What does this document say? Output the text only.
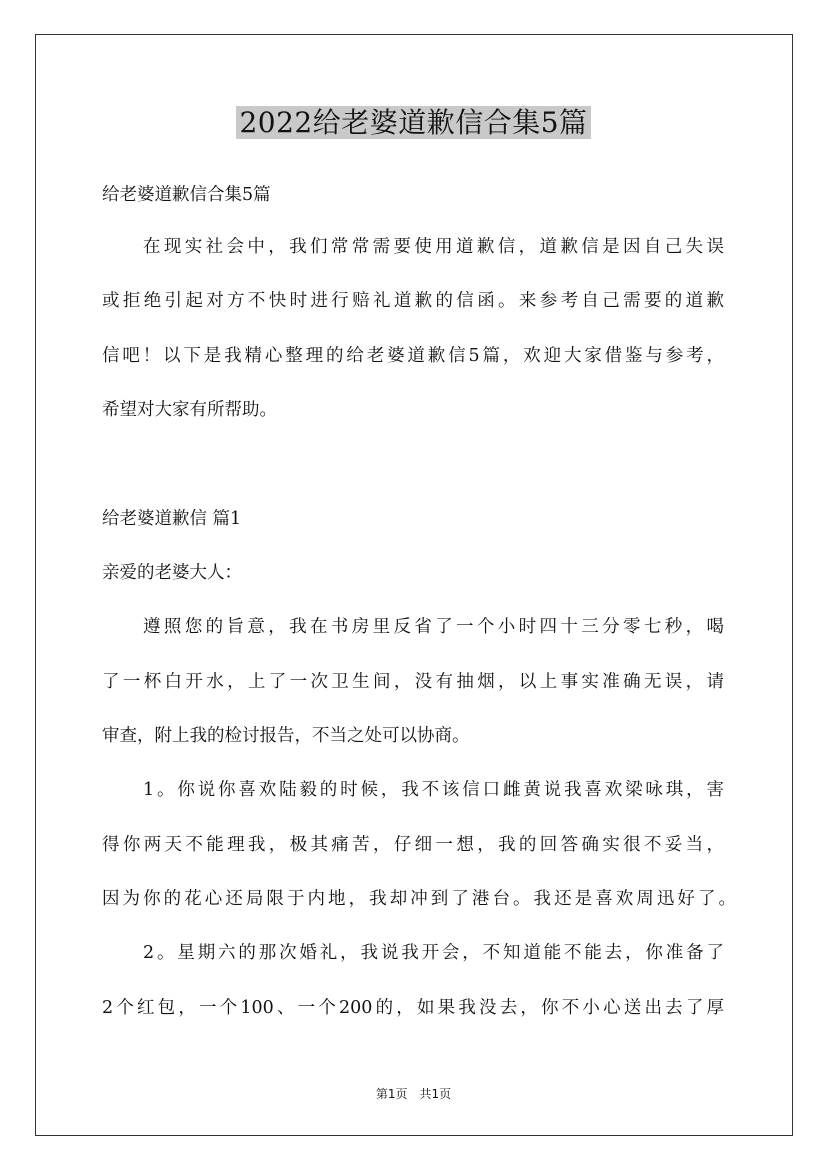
2022给老婆道歉信合集5篇
给老婆道歉信合集5篇
在现实社会中，我们常常需要使用道歉信，道歉信是因自己失误
或拒绝引起对方不快时进行赔礼道歉的信函。来参考自己需要的道歉
信吧！以下是我精心整理的给老婆道歉信5篇，欢迎大家借鉴与参考，
希望对大家有所帮助。
给老婆道歉信 篇1
亲爱的老婆大人：
遵照您的旨意，我在书房里反省了一个小时四十三分零七秒，喝
了一杯白开水，上了一次卫生间，没有抽烟，以上事实准确无误，请
审查，附上我的检讨报告，不当之处可以协商。
1。你说你喜欢陆毅的时候，我不该信口雌黄说我喜欢梁咏琪，害
得你两天不能理我，极其痛苦，仔细一想，我的回答确实很不妥当，
因为你的花心还局限于内地，我却冲到了港台。我还是喜欢周迅好了。
2。星期六的那次婚礼，我说我开会，不知道能不能去，你准备了
2个红包，一个100、一个200的，如果我没去，你不小心送出去了厚
第1页　共1页
